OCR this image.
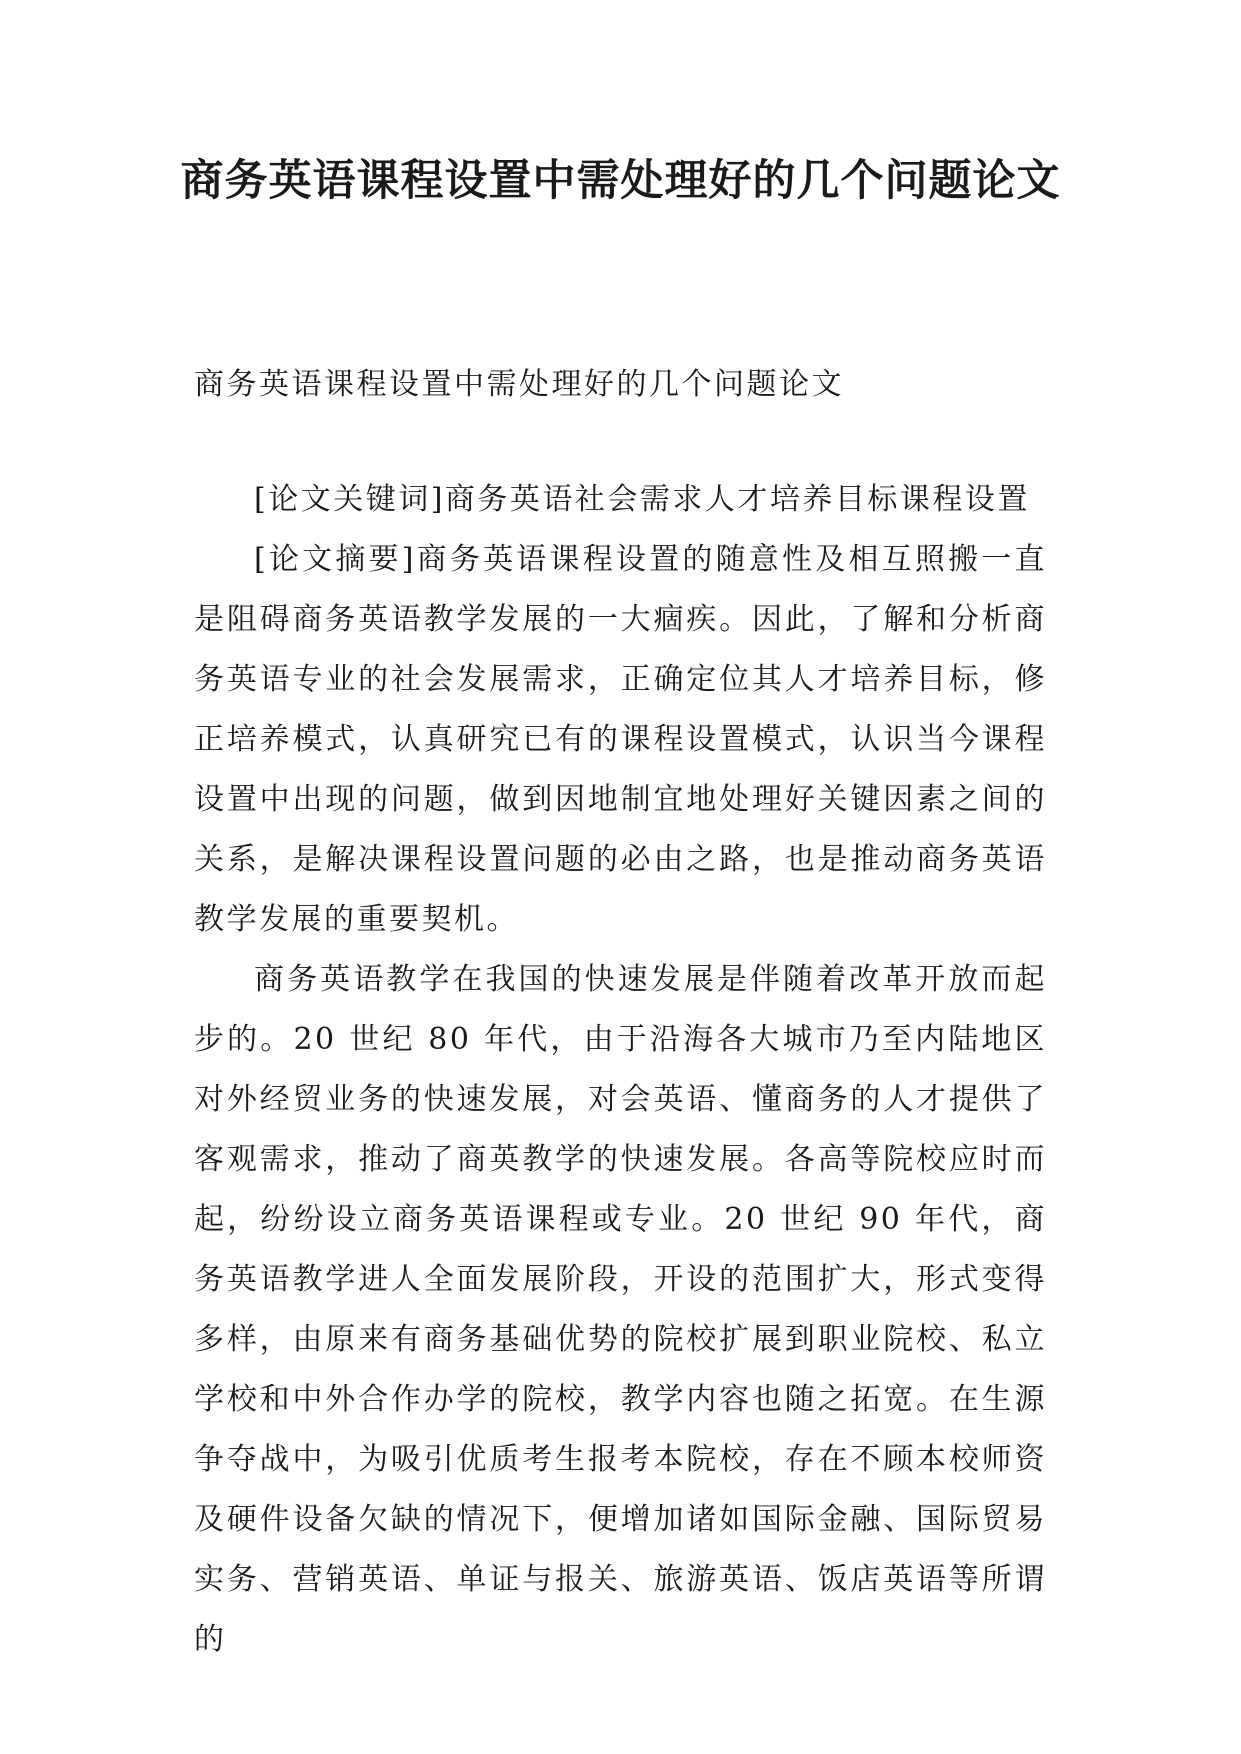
商务英语课程设置中需处理好的几个问题论文
商务英语课程设置中需处理好的几个问题论文

[论文关键词]商务英语社会需求人才培养目标课程设置

[论文摘要]商务英语课程设置的随意性及相互照搬一直是阻碍商务英语教学发展的一大痼疾。因此，了解和分析商务英语专业的社会发展需求，正确定位其人才培养目标，修正培养模式，认真研究已有的课程设置模式，认识当今课程设置中出现的问题，做到因地制宜地处理好关键因素之间的关系，是解决课程设置问题的必由之路，也是推动商务英语教学发展的重要契机。

商务英语教学在我国的快速发展是伴随着改革开放而起步的。20 世纪 80 年代，由于沿海各大城市乃至内陆地区对外经贸业务的快速发展，对会英语、懂商务的人才提供了客观需求，推动了商英教学的快速发展。各高等院校应时而起，纷纷设立商务英语课程或专业。20 世纪 90 年代，商务英语教学进人全面发展阶段，开设的范围扩大，形式变得多样，由原来有商务基础优势的院校扩展到职业院校、私立学校和中外合作办学的院校，教学内容也随之拓宽。在生源争夺战中，为吸引优质考生报考本院校，存在不顾本校师资及硬件设备欠缺的情况下，便增加诸如国际金融、国际贸易实务、营销英语、单证与报关、旅游英语、饭店英语等所谓的
